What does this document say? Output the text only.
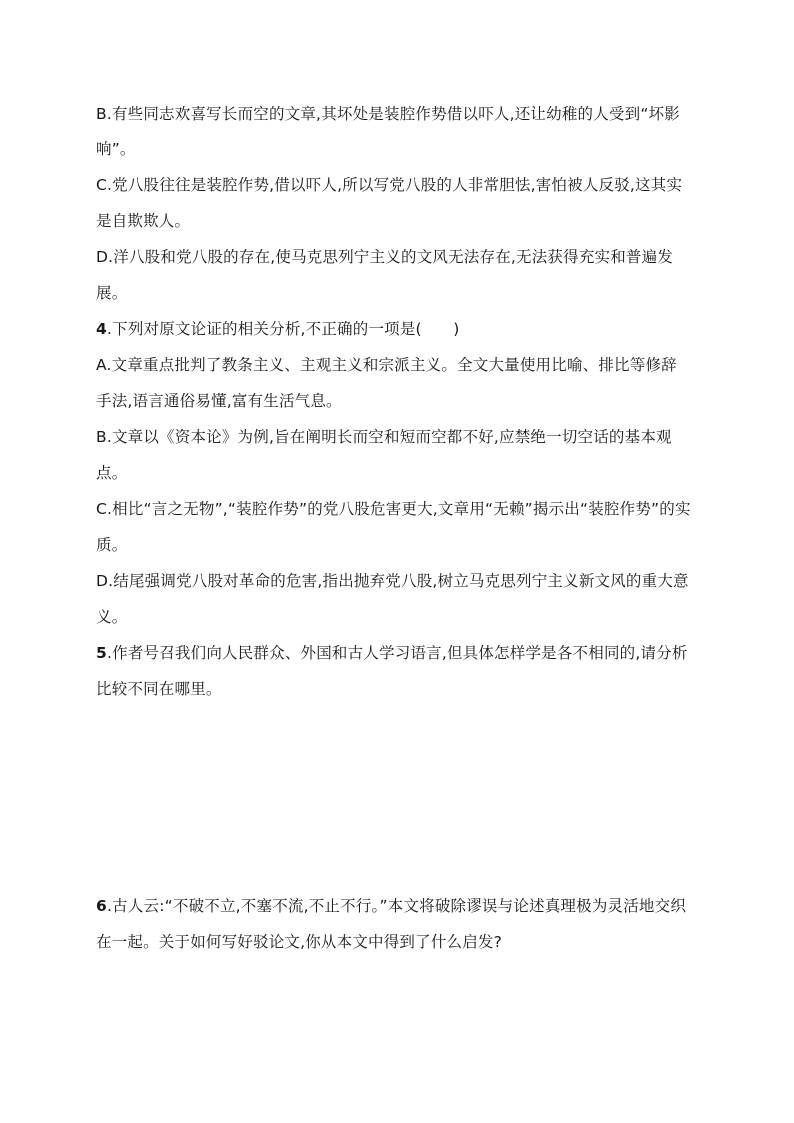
B.有些同志欢喜写长而空的文章,其坏处是装腔作势借以吓人,还让幼稚的人受到“坏影
响”。
C.党八股往往是装腔作势,借以吓人,所以写党八股的人非常胆怯,害怕被人反驳,这其实
是自欺欺人。
D.洋八股和党八股的存在,使马克思列宁主义的文风无法存在,无法获得充实和普遍发
展。
4.下列对原文论证的相关分析,不正确的一项是(　　)
A.文章重点批判了教条主义、主观主义和宗派主义。全文大量使用比喻、排比等修辞
手法,语言通俗易懂,富有生活气息。
B.文章以《资本论》为例,旨在阐明长而空和短而空都不好,应禁绝一切空话的基本观
点。
C.相比“言之无物”,“装腔作势”的党八股危害更大,文章用“无赖”揭示出“装腔作势”的实
质。
D.结尾强调党八股对革命的危害,指出抛弃党八股,树立马克思列宁主义新文风的重大意
义。
5.作者号召我们向人民群众、外国和古人学习语言,但具体怎样学是各不相同的,请分析
比较不同在哪里。
6.古人云:“不破不立,不塞不流,不止不行。”本文将破除谬误与论述真理极为灵活地交织
在一起。关于如何写好驳论文,你从本文中得到了什么启发?
